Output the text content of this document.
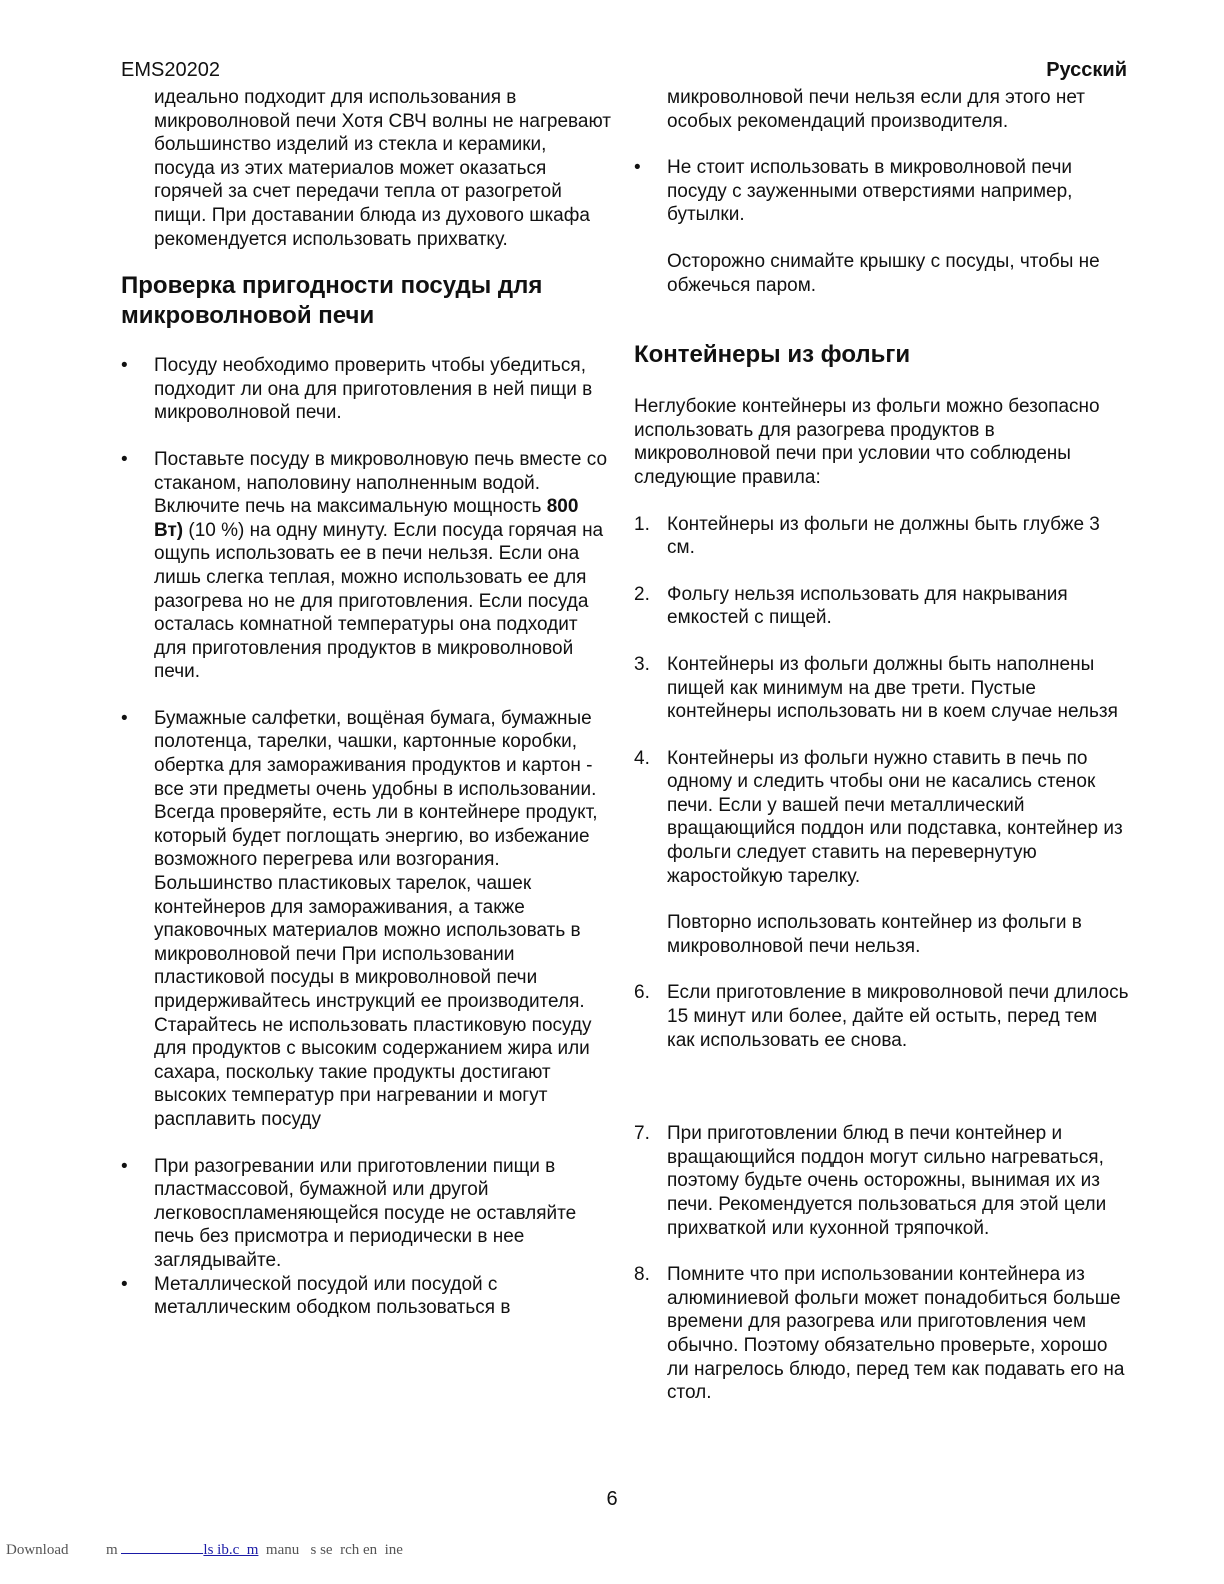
EMS20202	Русский

идеально подходит для использования в микроволновой печи Хотя СВЧ волны не нагревают большинство изделий из стекла и керамики, посуда из этих материалов может оказаться горячей за счет передачи тепла от разогретой пищи. При доставании блюда из духового шкафа рекомендуется использовать прихватку.

Проверка пригодности посуды для микроволновой печи
•	Посуду необходимо проверить чтобы убедиться, подходит ли она для приготовления в ней пищи в микроволновой печи.

•	Поставьте посуду в микроволновую печь вместе со стаканом, наполовину наполненным водой. Включите печь на максимальную мощность 800 Вт) (10 %) на одну минуту. Если посуда горячая на ощупь использовать ее в печи нельзя. Если она лишь слегка теплая, можно использовать ее для разогрева но не для приготовления. Если посуда осталась комнатной температуры она подходит для приготовления продуктов в микроволновой печи.

•	Бумажные салфетки, вощёная бумага, бумажные полотенца, тарелки, чашки, картонные коробки, обертка для замораживания продуктов и картон - все эти предметы очень удобны в использовании. Всегда проверяйте, есть ли в контейнере продукт, который будет поглощать энергию, во избежание возможного перегрева или возгорания.

Большинство пластиковых тарелок, чашек контейнеров для замораживания, а также упаковочных материалов можно использовать в микроволновой печи При использовании пластиковой посуды в микроволновой печи придерживайтесь инструкций ее производителя. Старайтесь не использовать пластиковую посуду для продуктов с высоким содержанием жира или сахара, поскольку такие продукты достигают высоких температур при нагревании и могут расплавить посуду

•	При разогревании или приготовлении пищи в пластмассовой, бумажной или другой легковоспламеняющейся посуде не оставляйте печь без присмотра и периодически в нее заглядывайте.

•	Металлической посудой или посудой с металлическим ободком пользоваться в

микроволновой печи нельзя если для этого нет особых рекомендаций производителя.

•	Не стоит использовать в микроволновой печи посуду с зауженными отверстиями например, бутылки.

Осторожно снимайте крышку с посуды, чтобы не обжечься паром.

Контейнеры из фольги

Неглубокие контейнеры из фольги можно безопасно использовать для разогрева продуктов в микроволновой печи при условии что соблюдены следующие правила:

1. Контейнеры из фольги не должны быть глубже 3 см.

2. Фольгу нельзя использовать для накрывания емкостей с пищей.

3. Контейнеры из фольги должны быть наполнены пищей как минимум на две трети. Пустые контейнеры использовать ни в коем случае нельзя

4. Контейнеры из фольги нужно ставить в печь по одному и следить чтобы они не касались стенок печи. Если у вашей печи металлический вращающийся поддон или подставка, контейнер из фольги следует ставить на перевернутую жаростойкую тарелку.

Повторно использовать контейнер из фольги в микроволновой печи нельзя.

6. Если приготовление в микроволновой печи длилось 15 минут или более, дайте ей остыть, перед тем как использовать ее снова.

7. При приготовлении блюд в печи контейнер и вращающийся поддон могут сильно нагреваться, поэтому будьте очень осторожны, вынимая их из печи. Рекомендуется пользоваться для этой цели прихваткой или кухонной тряпочкой.

8. Помните что при использовании контейнера из алюминиевой фольги может понадобиться больше времени для разогрева или приготовления чем обычно. Поэтому обязательно проверьте, хорошо ли нагрелось блюдо, перед тем как подавать его на стол.

6
Download          m	ls ib.c  m  manu   s se  rch en  ine
